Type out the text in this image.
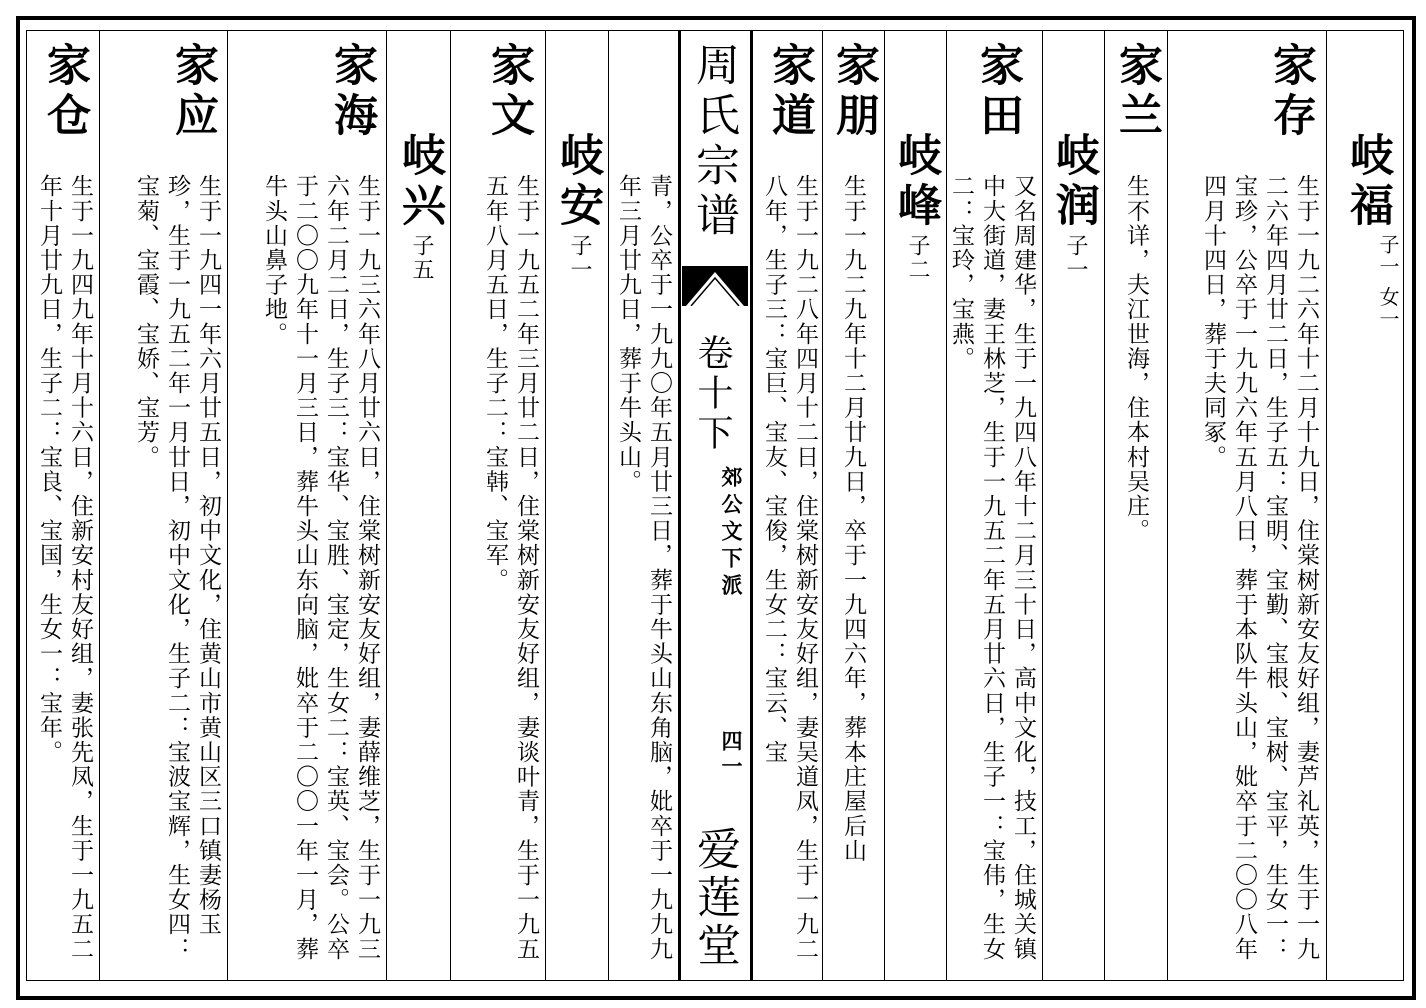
岐福
子一 女一
家存
生于一九二六年十二月十九日，住棠树新安友好组，妻芦礼英，生于一九二六年四月廿二日，生子五：宝明、宝勤、宝根、宝树、宝平，生女一：宝珍，公卒于一九九六年五月八日，葬于本队牛头山，妣卒于二〇〇八年四月十四日，葬于夫同冢。
家兰
生不详，夫江世海，住本村吴庄。
岐润
子一
家田
又名周建华，生于一九四八年十二月三十日，高中文化，技工，住城关镇中大街道，妻王林芝，生于一九五二年五月廿六日，生子一：宝伟，生女二：宝玲，宝燕。
岐峰
子二
家朋
生于一九二九年十二月廿九日，卒于一九四六年，葬本庄屋后山
家道
生于一九二八年四月十二日，住棠树新安友好组，妻吴道凤，生于一九二八年，生子三：宝巨、宝友、宝俊，生女二：宝云、宝
周氏宗谱
卷十下
郊公文下派
四一
爱莲堂
青，公卒于一九九〇年五月廿三日，葬于牛头山东角脑，妣卒于一九九九年三月廿九日，葬于牛头山。
岐安
子一
家文
生于一九五二年三月廿二日，住棠树新安友好组，妻谈叶青，生于一九五五年八月五日，生子二：宝韩、宝军。
岐兴
子五
家海
生于一九三六年八月廿六日，住棠树新安友好组，妻薛维芝，生于一九三六年二月二日，生子三：宝华、宝胜、宝定，生女二：宝英、宝会。公卒于二〇〇九年十一月三日，葬牛头山东向脑，妣卒于二〇〇一年一月，葬牛头山鼻子地。
家应
生于一九四一年六月廿五日，初中文化，住黄山市黄山区三口镇妻杨玉珍，生于一九五二年一月廿日，初中文化，生子二：宝波宝辉，生女四：宝菊、宝霞、宝娇、宝芳。
家仓
生于一九四九年十月十六日，住新安村友好组，妻张先凤，生于一九五二年十月廿九日，生子二：宝良、宝国，生女一：宝年。
